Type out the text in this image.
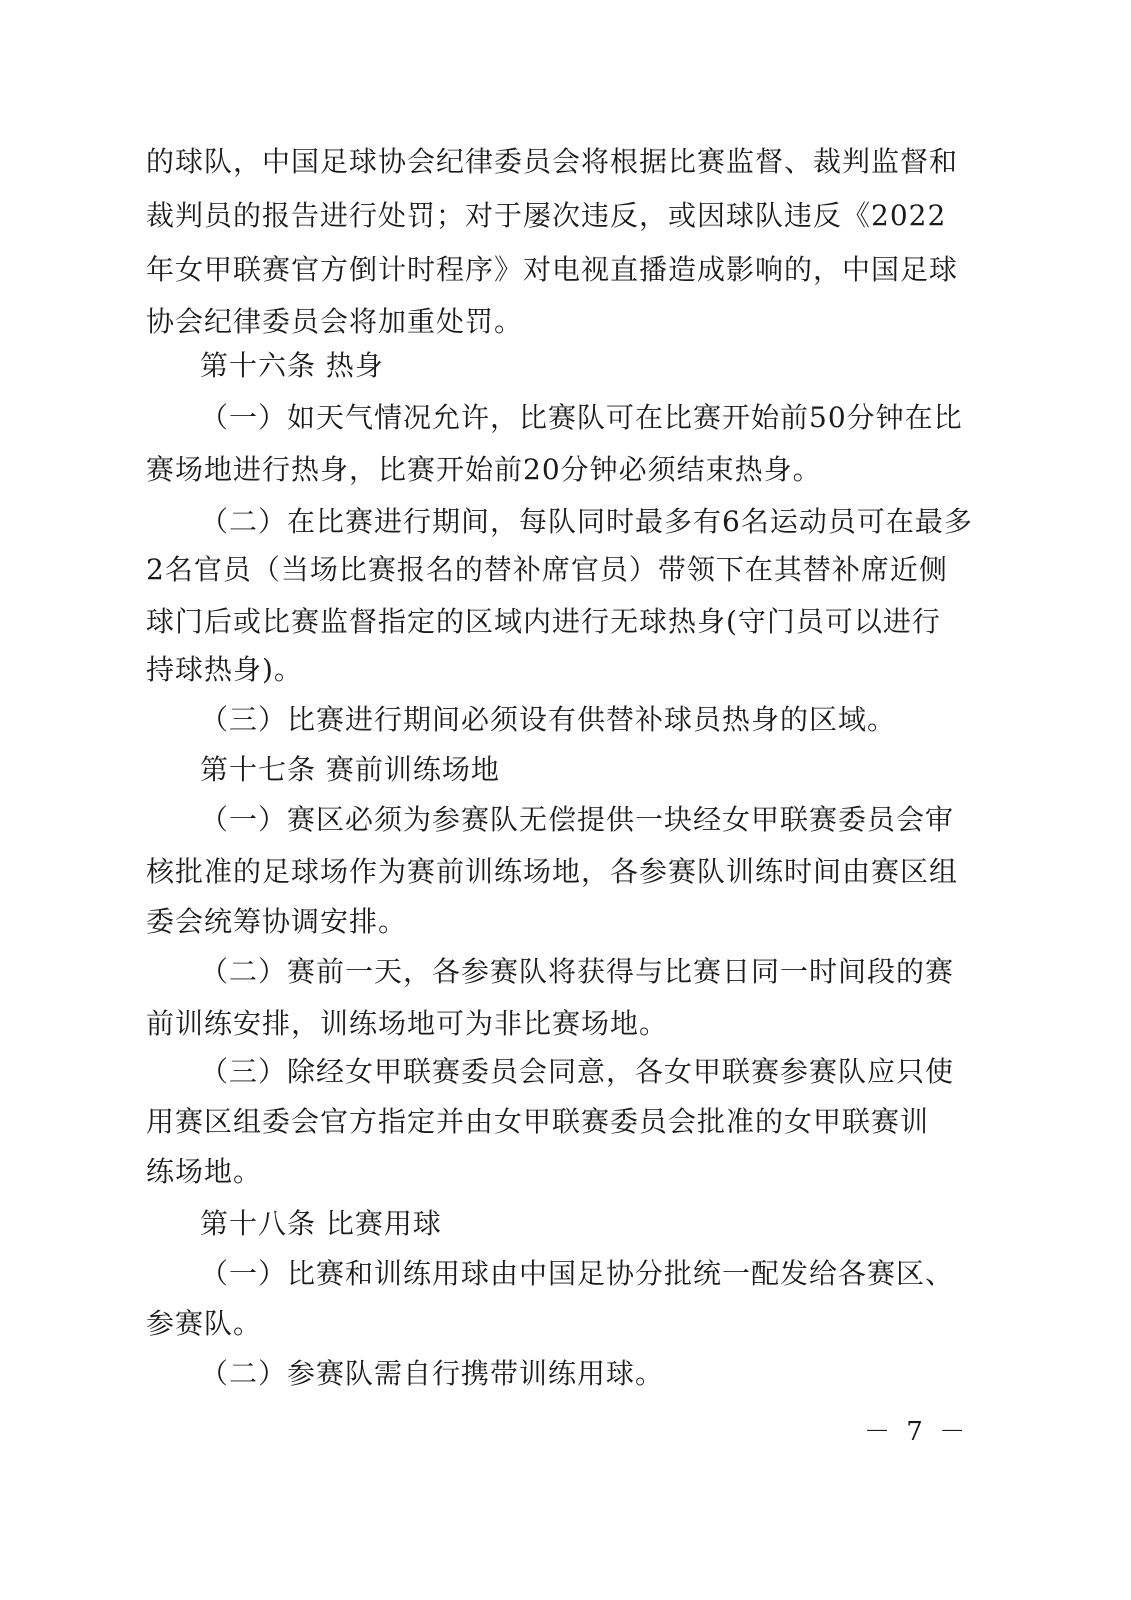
的球队，中国足球协会纪律委员会将根据比赛监督、裁判监督和
裁判员的报告进行处罚；对于屡次违反，或因球队违反《2022
年女甲联赛官方倒计时程序》对电视直播造成影响的，中国足球
协会纪律委员会将加重处罚。
第十六条 热身
（一）如天气情况允许，比赛队可在比赛开始前50分钟在比
赛场地进行热身，比赛开始前20分钟必须结束热身。
（二）在比赛进行期间，每队同时最多有6名运动员可在最多
2名官员（当场比赛报名的替补席官员）带领下在其替补席近侧
球门后或比赛监督指定的区域内进行无球热身(守门员可以进行
持球热身)。
（三）比赛进行期间必须设有供替补球员热身的区域。
第十七条 赛前训练场地
（一）赛区必须为参赛队无偿提供一块经女甲联赛委员会审
核批准的足球场作为赛前训练场地，各参赛队训练时间由赛区组
委会统筹协调安排。
（二）赛前一天，各参赛队将获得与比赛日同一时间段的赛
前训练安排，训练场地可为非比赛场地。
（三）除经女甲联赛委员会同意，各女甲联赛参赛队应只使
用赛区组委会官方指定并由女甲联赛委员会批准的女甲联赛训
练场地。
第十八条 比赛用球
（一）比赛和训练用球由中国足协分批统一配发给各赛区、
参赛队。
（二）参赛队需自行携带训练用球。
－ 7 －
